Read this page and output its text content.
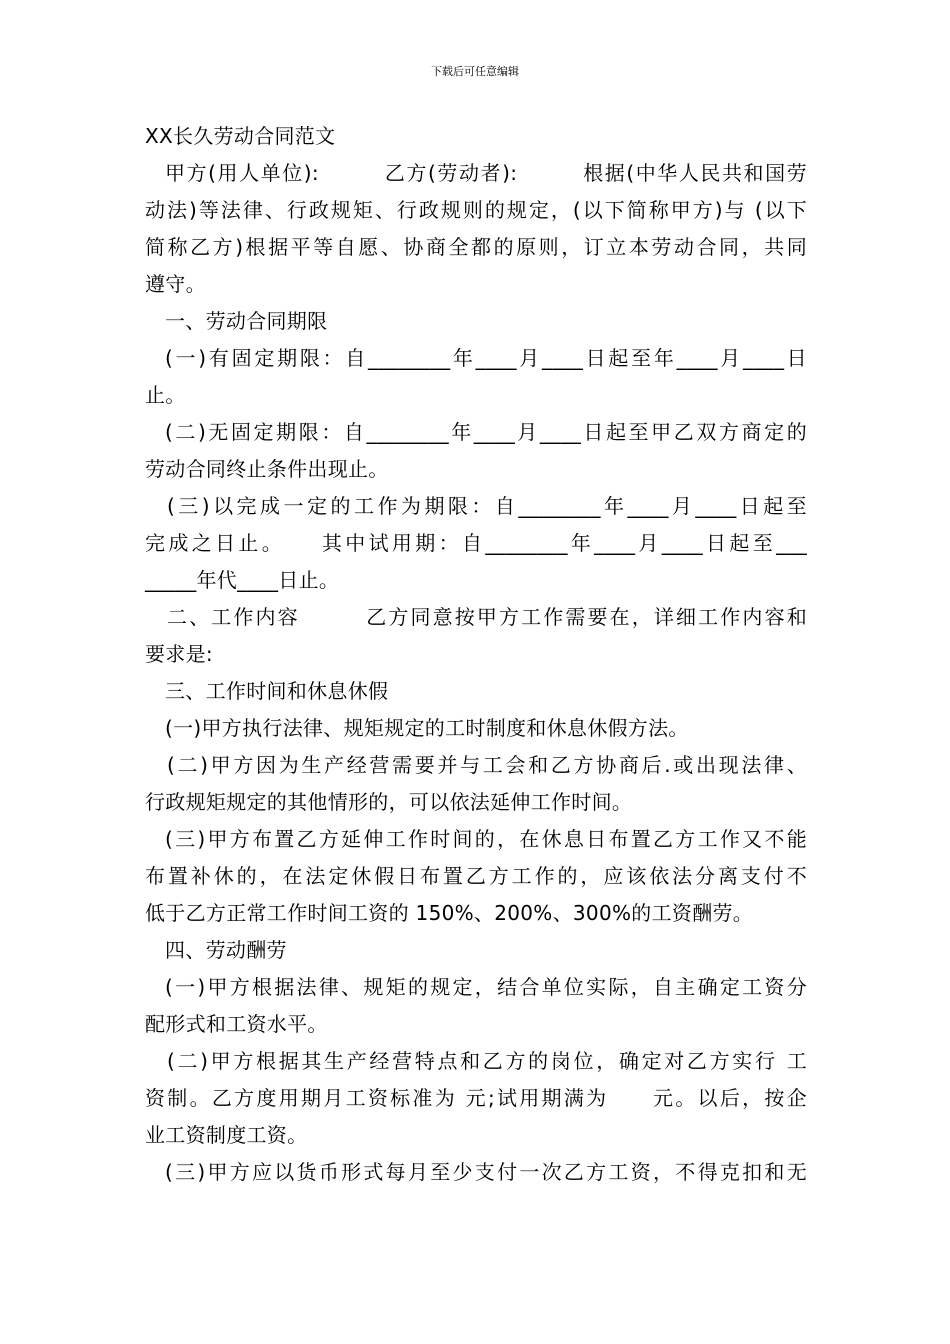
下载后可任意编辑
XX长久劳动合同范文
甲方(用人单位):　　　乙方(劳动者):　　　根据(中华人民共和国劳
动法)等法律、行政规矩、行政规则的规定，(以下简称甲方)与 (以下
简称乙方)根据平等自愿、协商全都的原则，订立本劳动合同，共同
遵守。
一、劳动合同期限
(一)有固定期限：自________年____月____日起至年____月____日
止。
(二)无固定期限：自________年____月____日起至甲乙双方商定的
劳动合同终止条件出现止。
(三)以完成一定的工作为期限：自________年____月____日起至
完成之日止。　　其中试用期：自________年____月____日起至___
_____年代____日止。
二、工作内容　　　乙方同意按甲方工作需要在，详细工作内容和
要求是:
三、工作时间和休息休假
(一)甲方执行法律、规矩规定的工时制度和休息休假方法。
(二)甲方因为生产经营需要并与工会和乙方协商后.或出现法律、
行政规矩规定的其他情形的，可以依法延伸工作时间。
(三)甲方布置乙方延伸工作时间的，在休息日布置乙方工作又不能
布置补休的，在法定休假日布置乙方工作的，应该依法分离支付不
低于乙方正常工作时间工资的 150%、200%、300%的工资酬劳。
四、劳动酬劳
(一)甲方根据法律、规矩的规定，结合单位实际，自主确定工资分
配形式和工资水平。
(二)甲方根据其生产经营特点和乙方的岗位，确定对乙方实行 工
资制。乙方度用期月工资标准为 元;试用期满为　　元。以后，按企
业工资制度工资。
(三)甲方应以货币形式每月至少支付一次乙方工资，不得克扣和无
